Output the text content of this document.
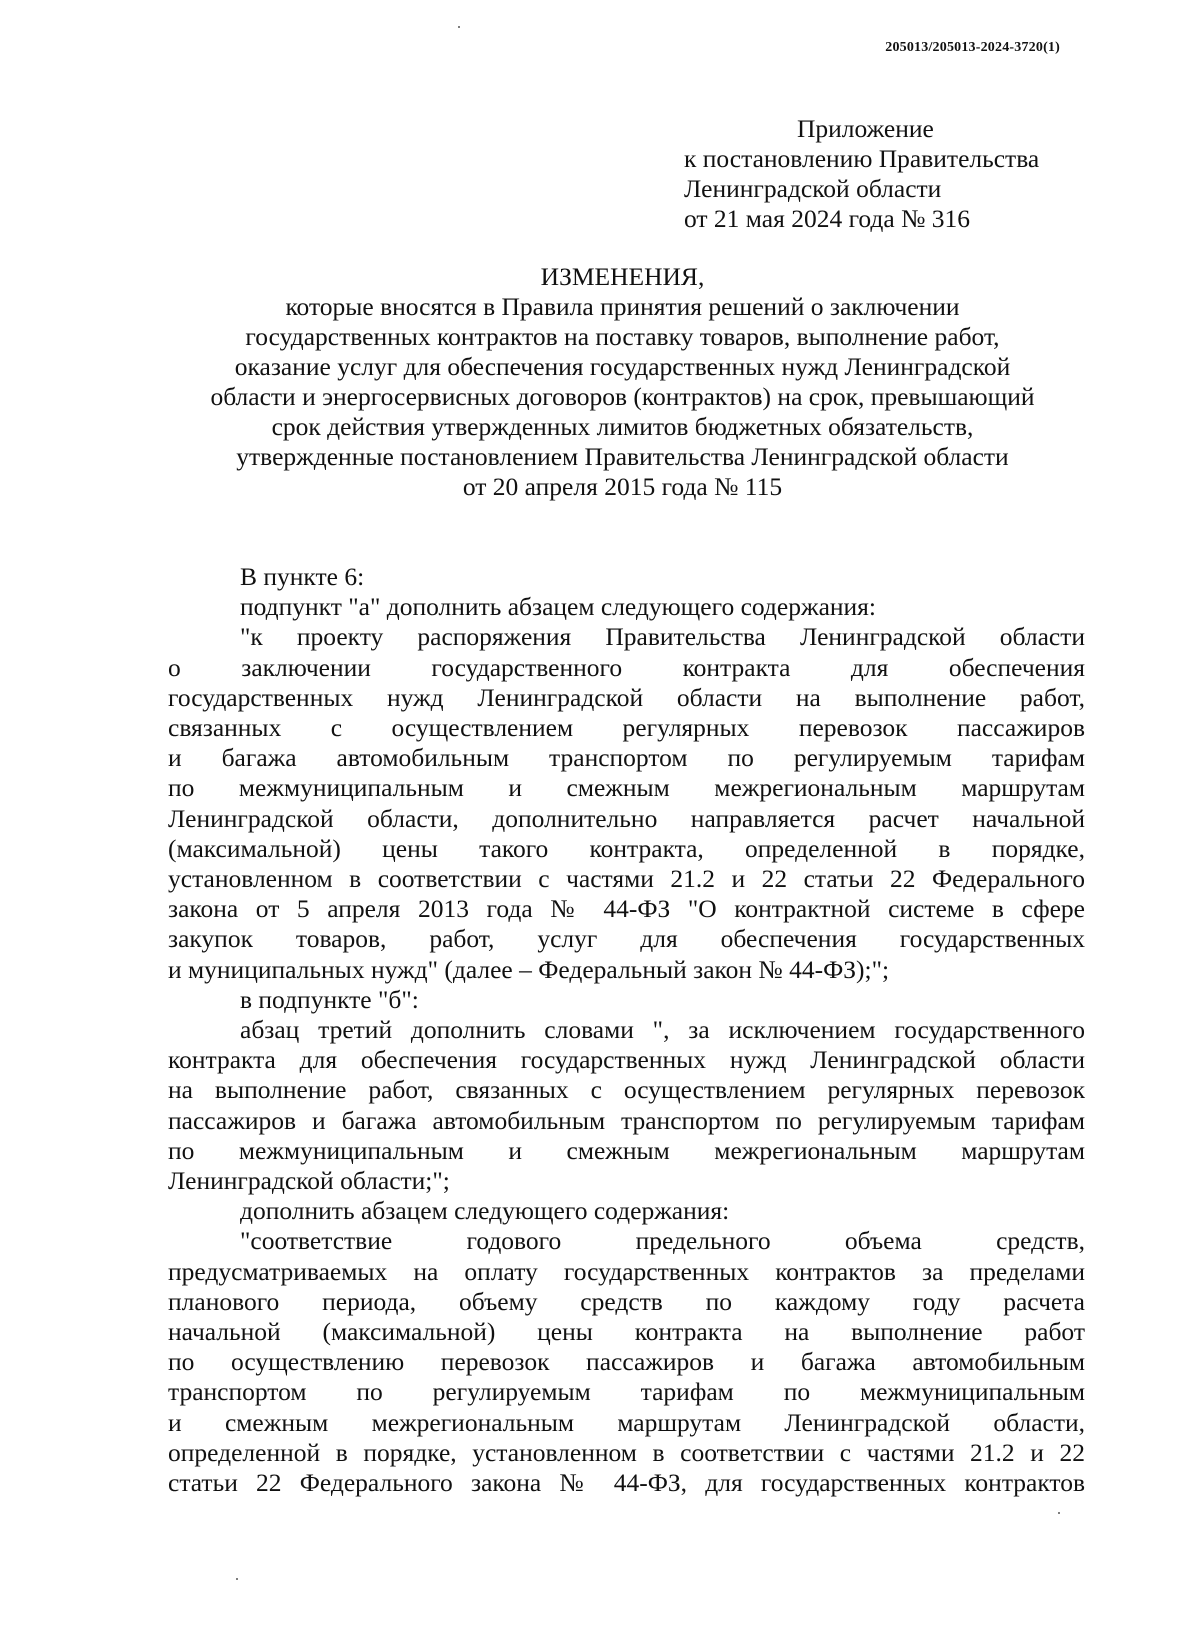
205013/205013-2024-3720(1)
Приложение
к постановлению Правительства
Ленинградской области
от 21 мая 2024 года № 316
ИЗМЕНЕНИЯ,
которые вносятся в Правила принятия решений о заключении
государственных контрактов на поставку товаров, выполнение работ,
оказание услуг для обеспечения государственных нужд Ленинградской
области и энергосервисных договоров (контрактов) на срок, превышающий
срок действия утвержденных лимитов бюджетных обязательств,
утвержденные постановлением Правительства Ленинградской области
от 20 апреля 2015 года № 115
В пункте 6:
подпункт "а" дополнить абзацем следующего содержания:
"к проекту распоряжения Правительства Ленинградской области
о заключении государственного контракта для обеспечения
государственных нужд Ленинградской области на выполнение работ,
связанных с осуществлением регулярных перевозок пассажиров
и багажа автомобильным транспортом по регулируемым тарифам
по межмуниципальным и смежным межрегиональным маршрутам
Ленинградской области, дополнительно направляется расчет начальной
(максимальной) цены такого контракта, определенной в порядке,
установленном в соответствии с частями 21.2 и 22 статьи 22 Федерального
закона от 5 апреля 2013 года № 44-ФЗ "О контрактной системе в сфере
закупок товаров, работ, услуг для обеспечения государственных
и муниципальных нужд" (далее – Федеральный закон № 44-ФЗ);";
в подпункте "б":
абзац третий дополнить словами ", за исключением государственного
контракта для обеспечения государственных нужд Ленинградской области
на выполнение работ, связанных с осуществлением регулярных перевозок
пассажиров и багажа автомобильным транспортом по регулируемым тарифам
по межмуниципальным и смежным межрегиональным маршрутам
Ленинградской области;";
дополнить абзацем следующего содержания:
"соответствие годового предельного объема средств,
предусматриваемых на оплату государственных контрактов за пределами
планового периода, объему средств по каждому году расчета
начальной (максимальной) цены контракта на выполнение работ
по осуществлению перевозок пассажиров и багажа автомобильным
транспортом по регулируемым тарифам по межмуниципальным
и смежным межрегиональным маршрутам Ленинградской области,
определенной в порядке, установленном в соответствии с частями 21.2 и 22
статьи 22 Федерального закона № 44-ФЗ, для государственных контрактов
